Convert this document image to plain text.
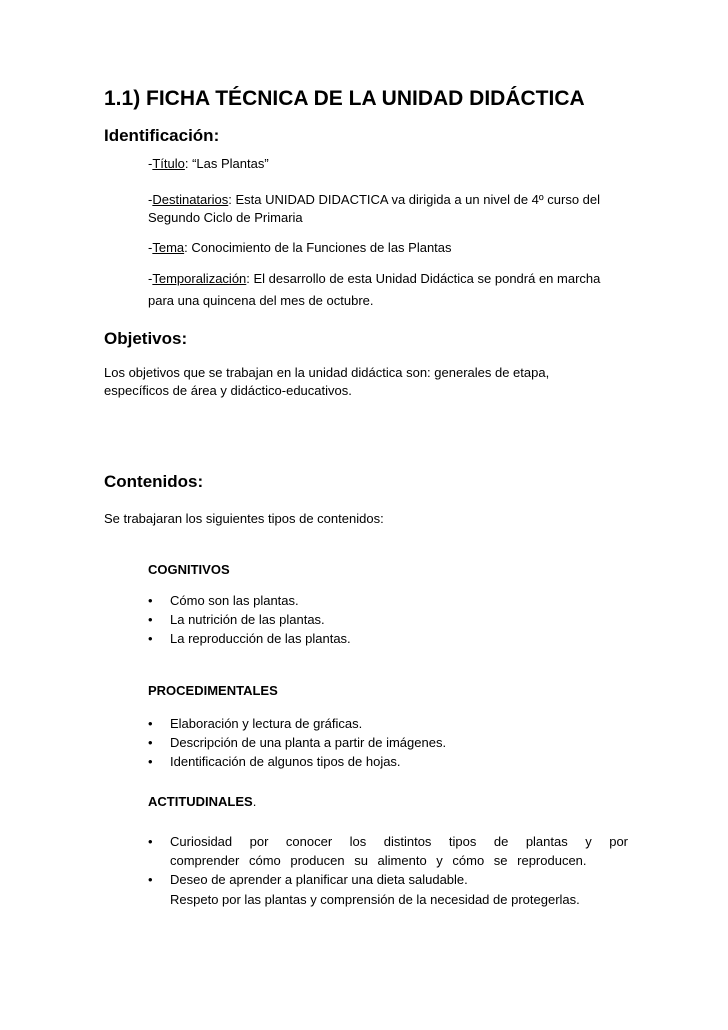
1.1) FICHA TÉCNICA DE LA UNIDAD DIDÁCTICA
Identificación:
-Título: “Las Plantas”
-Destinatarios: Esta UNIDAD DIDACTICA va dirigida a un nivel de 4º curso del Segundo Ciclo de Primaria
-Tema: Conocimiento de la Funciones de las Plantas
-Temporalización: El desarrollo de esta Unidad Didáctica se pondrá en marcha para una quincena del mes de octubre.
Objetivos:
Los objetivos que se trabajan en la unidad didáctica son: generales de etapa, específicos de área y didáctico-educativos.
Contenidos:
Se trabajaran los siguientes tipos de contenidos:
COGNITIVOS
•	Cómo son las plantas.
•	La nutrición de las plantas.
•	La reproducción de las plantas.
PROCEDIMENTALES
•	Elaboración y lectura de gráficas.
•	Descripción de una planta a partir de imágenes.
•	Identificación de algunos tipos de hojas.
ACTITUDINALES.
•	Curiosidad por conocer los distintos tipos de plantas y por comprender cómo producen su alimento y cómo se reproducen.
•	Deseo de aprender a planificar una dieta saludable.
Respeto por las plantas y comprensión de la necesidad de protegerlas.
